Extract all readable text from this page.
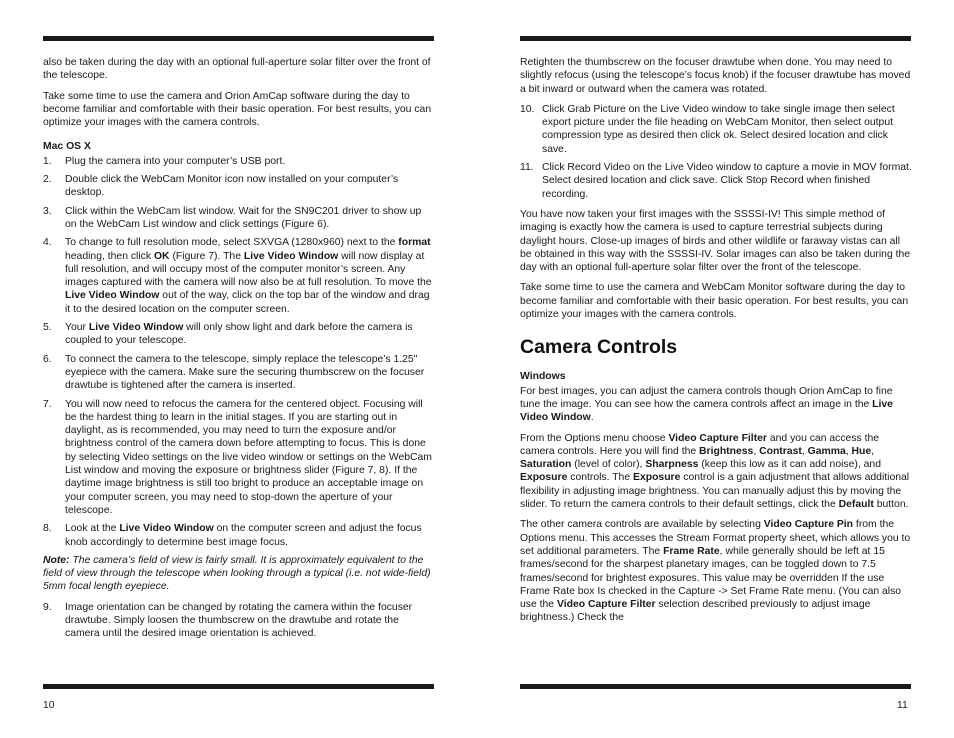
also be taken during the day with an optional full-aperture solar filter over the front of the telescope.

Take some time to use the camera and Orion AmCap software during the day to become familiar and comfortable with their basic operation. For best results, you can optimize your images with the camera controls.

Mac OS X
1.	Plug the camera into your computer’s USB port.
2.	Double click the WebCam Monitor icon now installed on your computer’s desktop.
3.	Click within the WebCam list window. Wait for the SN9C201 driver to show up on the WebCam List window and click settings (Figure 6).
4.	To change to full resolution mode, select SXVGA (1280x960) next to the format heading, then click OK (Figure 7). The Live Video Window will now display at full resolution, and will occupy most of the computer monitor’s screen. Any images captured with the camera will now also be at full resolution. To move the Live Video Window out of the way, click on the top bar of the window and drag it to the desired location on the computer screen.
5.	Your Live Video Window will only show light and dark before the camera is coupled to your telescope.
6.	To connect the camera to the telescope, simply replace the telescope’s 1.25" eyepiece with the camera. Make sure the securing thumbscrew on the focuser drawtube is tightened after the camera is inserted.
7.	You will now need to refocus the camera for the centered object. Focusing will be the hardest thing to learn in the initial stages. If you are starting out in daylight, as is recommended, you may need to turn the exposure and/or brightness control of the camera down before attempting to focus. This is done by selecting Video settings on the live video window or settings on the WebCam List window and moving the exposure or brightness slider (Figure 7, 8). If the daytime image brightness is still too bright to produce an acceptable image on your computer screen, you may need to stop-down the aperture of your telescope.
8.	Look at the Live Video Window on the computer screen and adjust the focus knob accordingly to determine best image focus.

Note: The camera’s field of view is fairly small. It is approximately equivalent to the field of view through the telescope when looking through a typical (i.e. not wide-field) 5mm focal length eyepiece.

9.	Image orientation can be changed by rotating the camera within the focuser drawtube. Simply loosen the thumbscrew on the drawtube and rotate the camera until the desired image orientation is achieved.

Retighten the thumbscrew on the focuser drawtube when done. You may need to slightly refocus (using the telescope’s focus knob) if the focuser drawtube has moved a bit inward or outward when the camera was rotated.

10. Click Grab Picture on the Live Video window to take single image then select export picture under the file heading on WebCam Monitor, then select output compression type as desired then click ok. Select desired location and click save.
11. Click Record Video on the Live Video window to capture a movie in MOV format. Select desired location and click save. Click Stop Record when finished recording.

You have now taken your first images with the SSSSI-IV! This simple method of imaging is exactly how the camera is used to capture terrestrial subjects during daylight hours. Close-up images of birds and other wildlife or faraway vistas can all be obtained in this way with the SSSSI-IV. Solar images can also be taken during the day with an optional full-aperture solar filter over the front of the telescope.

Take some time to use the camera and WebCam Monitor software during the day to become familiar and comfortable with their basic operation. For best results, you can optimize your images with the camera controls.

Camera Controls
Windows

For best images, you can adjust the camera controls though Orion AmCap to fine tune the image. You can see how the camera controls affect an image in the Live Video Window.

From the Options menu choose Video Capture Filter and you can access the camera controls. Here you will find the Brightness, Contrast, Gamma, Hue, Saturation (level of color), Sharpness (keep this low as it can add noise), and Exposure controls. The Exposure control is a gain adjustment that allows additional flexibility in adjusting image brightness. You can manually adjust this by moving the slider. To return the camera controls to their default settings, click the Default button.

The other camera controls are available by selecting Video Capture Pin from the Options menu. This accesses the Stream Format property sheet, which allows you to set additional parameters. The Frame Rate, while generally should be left at 15 frames/second for the sharpest planetary images, can be toggled down to 7.5 frames/second for brightest exposures. This value may be overridden If the use Frame Rate box Is checked in the Capture -> Set Frame Rate menu. (You can also use the Video Capture Filter selection described previously to adjust image brightness.) Check the

10	11
